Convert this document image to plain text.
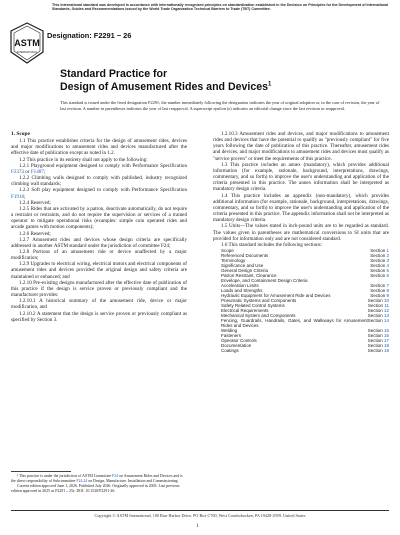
This international standard was developed in accordance with internationally recognized principles on standardization established in the Decision on Principles for the Development of International Standards, Guides and Recommendations issued by the World Trade Organization Technical Barriers to Trade (TBT) Committee.
ASTM
INTERNATIONAL
Designation: F2291 − 26
Standard Practice for
Design of Amusement Rides and Devices$^1$
This standard is issued under the fixed designation F2291; the number immediately following the designation indicates the year of original adoption or, in the case of revision, the year of last revision. A number in parentheses indicates the year of last reapproval. A superscript epsilon (ε) indicates an editorial change since the last revision or reapproval.

1. Scope

1.1 This practice establishes criteria for the design of amusement rides, devices and major modifications to amusement rides and devices manufactured after the effective date of publication except as noted in 1.2.

1.2 This practice in its entirety shall not apply to the following:

1.2.1 Playground equipment designed to comply with Performance Specification F2373 or F1487;

1.2.2 Climbing walls designed to comply with published, industry recognized climbing wall standards;

1.2.3 Soft play equipment designed to comply with Performance Specification F1918;

1.2.4 Reserved;

1.2.5 Rides that are activated by a patron, deactivate automatically, do not require a restraint or restraints, and do not require the supervision or services of a trained operator to mitigate operational risks (examples: simple coin operated rides and arcade games with motion components);

1.2.6 Reserved;

1.2.7 Amusement rides and devices whose design criteria are specifically addressed in another ASTM standard under the jurisdiction of committee F24;

1.2.8 Portions of an amusement ride or device unaffected by a major modification;

1.2.9 Upgrades to electrical wiring, electrical motors and electrical components of amusement rides and devices provided the original design and safety criteria are maintained or enhanced; and

1.2.10 Pre-existing designs manufactured after the effective date of publication of this practice if the design is service proven or previously compliant and the manufacturer provides:

1.2.10.1 A historical summary of the amusement ride, device or major modification, and

1.2.10.2 A statement that the design is service proven or previously compliant as specified by Section 3.

¹ This practice is under the jurisdiction of ASTM Committee F24 on Amusement Rides and Devices and is the direct responsibility of Subcommittee F24.24 on Design, Manufacture, Installation and Commissioning.

Current edition approved June 1, 2026. Published July 2026. Originally approved in 2003. Last previous edition approved in 2025 as F2291 – 25ε. DOI: 10.1520/F2291-26.

1.2.10.3 Amusement rides and devices, and major modifications to amusement rides and devices that have the potential to qualify as "previously compliant" for five years following the date of publication of this practice. Thereafter, amusement rides and devices, and major modifications to amusement rides and devices must qualify as "service proven" or meet the requirements of this practice.

1.3 This practice includes an annex (mandatory), which provides additional information (for example, rationale, background, interpretations, drawings, commentary, and so forth) to improve the user's understanding and application of the criteria presented in this practice. The annex information shall be interpreted as mandatory design criteria.

1.4 This practice includes an appendix (non-mandatory), which provides additional information (for example, rationale, background, interpretations, drawings, commentary, and so forth) to improve the user's understanding and application of the criteria presented in this practice. The appendix information shall not be interpreted as mandatory design criteria.

1.5 Units—The values stated in inch-pound units are to be regarded as standard. The values given in parentheses are mathematical conversions to SI units that are provided for information only and are not considered standard.

1.6 This standard includes the following sections:

Scope	Section 1
Referenced Documents	Section 2
Terminology	Section 3
Significance and Use	Section 4
General Design Criteria	Section 5
Patron Restraint, Clearance	Section 6
Envelope, and Containment Design Criteria
Acceleration Limits	Section 7
Loads and Strengths	Section 8
Hydraulic Equipment for Amusement Ride and Devices	Section 9
Pneumatic Systems and Components	Section 10
Safety Related Control Systems	Section 11
Electrical Requirements	Section 12
Mechanical System and Components	Section 13
Fencing, Guardrails, Handrails, Gates, and Walkways for Amusement Rides and Devices
Section 14
Welding	Section 15
Fasteners	Section 16
Operator Controls	Section 17
Documentation	Section 18
Coatings	Section 19
Copyright © ASTM International, 100 Barr Harbor Drive, PO Box C700, West Conshohocken, PA 19428-2959. United States
1
